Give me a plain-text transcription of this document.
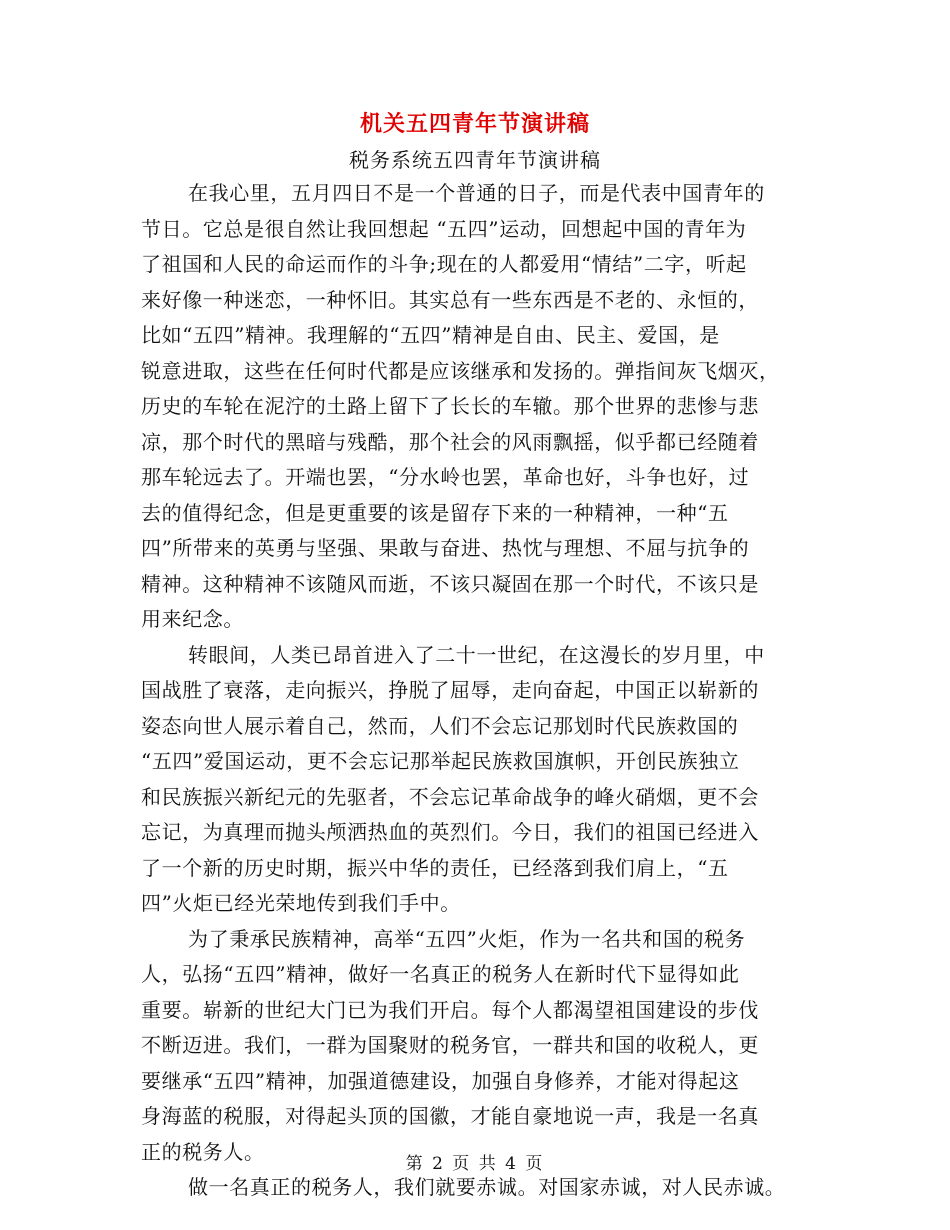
机关五四青年节演讲稿
税务系统五四青年节演讲稿
在我心里，五月四日不是一个普通的日子，而是代表中国青年的
节日。它总是很自然让我回想起 “五四”运动，回想起中国的青年为
了祖国和人民的命运而作的斗争;现在的人都爱用“情结”二字，听起
来好像一种迷恋，一种怀旧。其实总有一些东西是不老的、永恒的，
比如“五四”精神。我理解的“五四”精神是自由、民主、爱国，是
锐意进取，这些在任何时代都是应该继承和发扬的。弹指间灰飞烟灭，
历史的车轮在泥泞的土路上留下了长长的车辙。那个世界的悲惨与悲
凉，那个时代的黑暗与残酷，那个社会的风雨飘摇，似乎都已经随着
那车轮远去了。开端也罢，“分水岭也罢，革命也好，斗争也好，过
去的值得纪念，但是更重要的该是留存下来的一种精神，一种“五
四”所带来的英勇与坚强、果敢与奋进、热忱与理想、不屈与抗争的
精神。这种精神不该随风而逝，不该只凝固在那一个时代，不该只是
用来纪念。
转眼间，人类已昂首进入了二十一世纪，在这漫长的岁月里，中
国战胜了衰落，走向振兴，挣脱了屈辱，走向奋起，中国正以崭新的
姿态向世人展示着自己，然而，人们不会忘记那划时代民族救国的
“五四”爱国运动，更不会忘记那举起民族救国旗帜，开创民族独立
和民族振兴新纪元的先驱者，不会忘记革命战争的峰火硝烟，更不会
忘记，为真理而抛头颅洒热血的英烈们。今日，我们的祖国已经进入
了一个新的历史时期，振兴中华的责任，已经落到我们肩上，“五
四”火炬已经光荣地传到我们手中。
为了秉承民族精神，高举“五四”火炬，作为一名共和国的税务
人，弘扬“五四”精神，做好一名真正的税务人在新时代下显得如此
重要。崭新的世纪大门已为我们开启。每个人都渴望祖国建设的步伐
不断迈进。我们，一群为国聚财的税务官，一群共和国的收税人，更
要继承“五四”精神，加强道德建设，加强自身修养，才能对得起这
身海蓝的税服，对得起头顶的国徽，才能自豪地说一声，我是一名真
正的税务人。
做一名真正的税务人，我们就要赤诚。对国家赤诚，对人民赤诚。
第 2 页 共 4 页
